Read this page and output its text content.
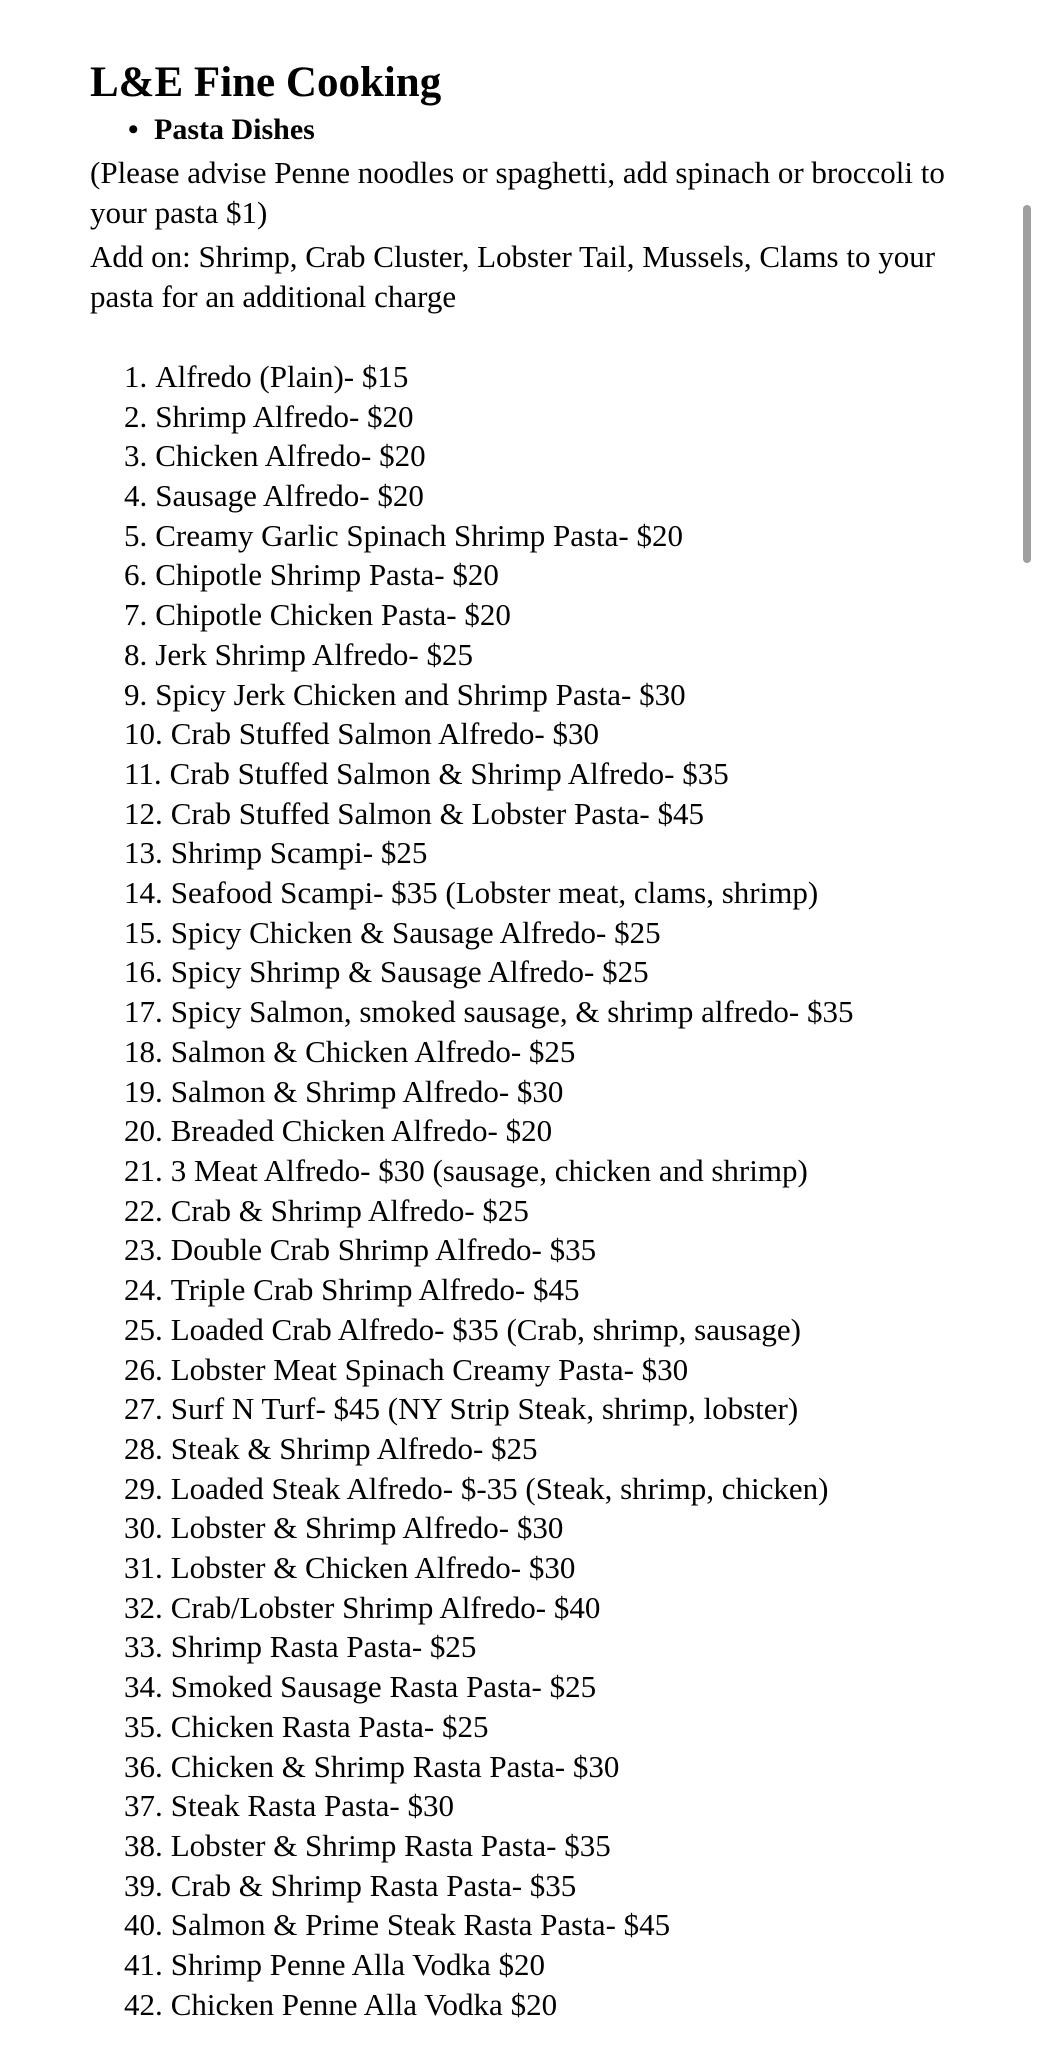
L&E Fine Cooking
• Pasta Dishes
(Please advise Penne noodles or spaghetti, add spinach or broccoli to your pasta $1)
Add on: Shrimp, Crab Cluster, Lobster Tail, Mussels, Clams to your pasta for an additional charge
1. Alfredo (Plain)- $15
2. Shrimp Alfredo- $20
3. Chicken Alfredo- $20
4. Sausage Alfredo- $20
5. Creamy Garlic Spinach Shrimp Pasta- $20
6. Chipotle Shrimp Pasta- $20
7. Chipotle Chicken Pasta- $20
8. Jerk Shrimp Alfredo- $25
9. Spicy Jerk Chicken and Shrimp Pasta- $30
10. Crab Stuffed Salmon Alfredo- $30
11. Crab Stuffed Salmon & Shrimp Alfredo- $35
12. Crab Stuffed Salmon & Lobster Pasta- $45
13. Shrimp Scampi- $25
14. Seafood Scampi- $35 (Lobster meat, clams, shrimp)
15. Spicy Chicken & Sausage Alfredo- $25
16. Spicy Shrimp & Sausage Alfredo- $25
17. Spicy Salmon, smoked sausage, & shrimp alfredo- $35
18. Salmon & Chicken Alfredo- $25
19. Salmon & Shrimp Alfredo- $30
20. Breaded Chicken Alfredo- $20
21. 3 Meat Alfredo- $30 (sausage, chicken and shrimp)
22. Crab & Shrimp Alfredo- $25
23. Double Crab Shrimp Alfredo- $35
24. Triple Crab Shrimp Alfredo- $45
25. Loaded Crab Alfredo- $35 (Crab, shrimp, sausage)
26. Lobster Meat Spinach Creamy Pasta- $30
27. Surf N Turf- $45 (NY Strip Steak, shrimp, lobster)
28. Steak & Shrimp Alfredo- $25
29. Loaded Steak Alfredo- $-35 (Steak, shrimp, chicken)
30. Lobster & Shrimp Alfredo- $30
31. Lobster & Chicken Alfredo- $30
32. Crab/Lobster Shrimp Alfredo- $40
33. Shrimp Rasta Pasta- $25
34. Smoked Sausage Rasta Pasta- $25
35. Chicken Rasta Pasta- $25
36. Chicken & Shrimp Rasta Pasta- $30
37. Steak Rasta Pasta- $30
38. Lobster & Shrimp Rasta Pasta- $35
39. Crab & Shrimp Rasta Pasta- $35
40. Salmon & Prime Steak Rasta Pasta- $45
41. Shrimp Penne Alla Vodka $20
42. Chicken Penne Alla Vodka $20
